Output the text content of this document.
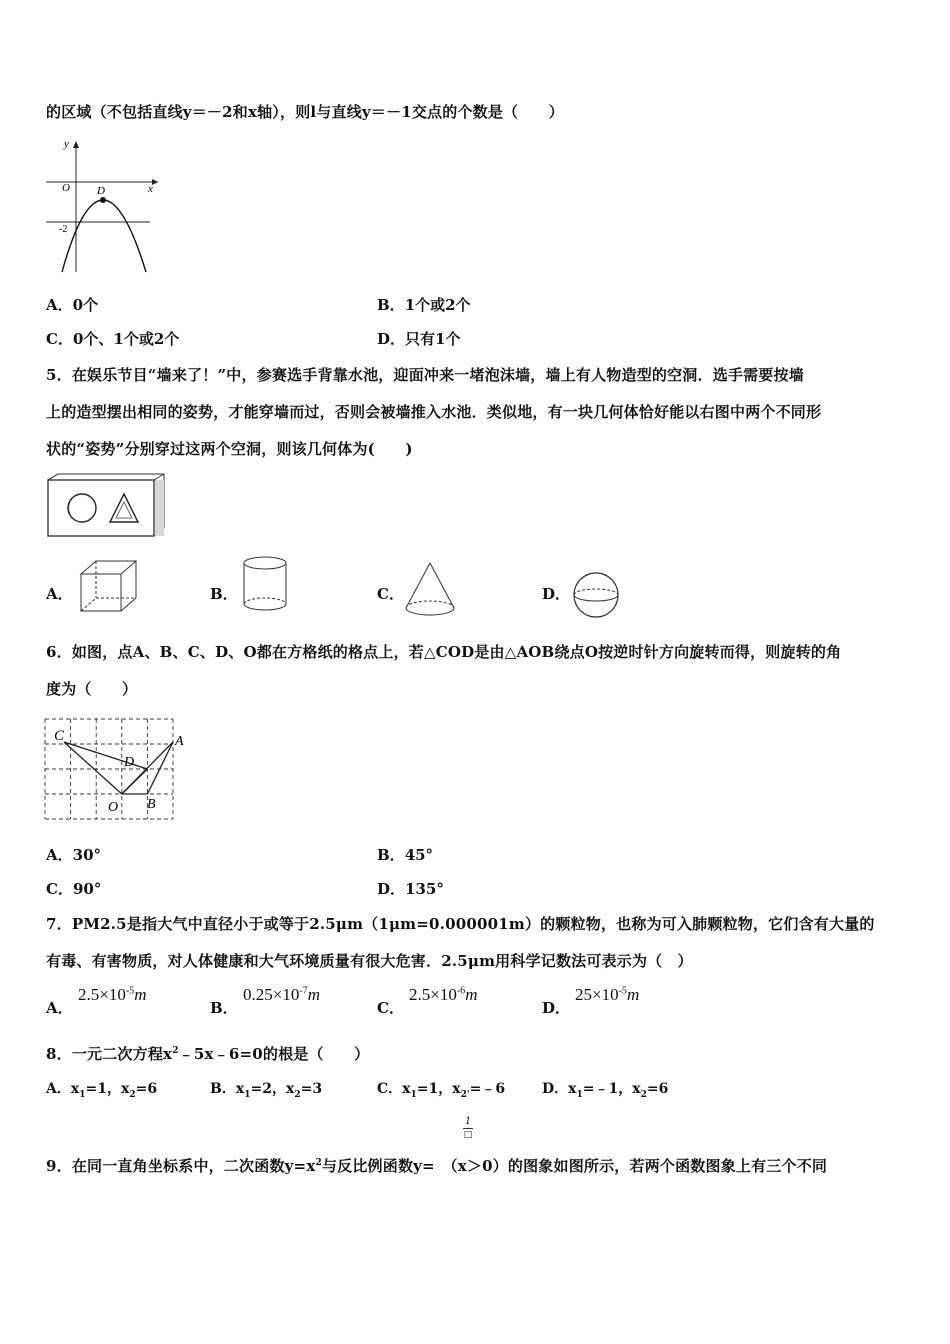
的区域（不包括直线y＝－2和x轴），则l与直线y＝－1交点的个数是（　　）
y
x
O D
-2
A．0个	B．1个或2个
C．0个、1个或2个	D．只有1个
5．在娱乐节目“墙来了！”中，参赛选手背靠水池，迎面冲来一堵泡沫墙，墙上有人物造型的空洞．选手需要按墙
上的造型摆出相同的姿势，才能穿墙而过，否则会被墙推入水池．类似地，有一块几何体恰好能以右图中两个不同形
状的“姿势”分别穿过这两个空洞，则该几何体为(　　)
A．	B．	C．	D．
6．如图，点A、B、C、D、O都在方格纸的格点上，若△COD是由△AOB绕点O按逆时针方向旋转而得，则旋转的角
度为（　　）
C	A
D
O B
A．30°	B．45°
C．90°	D．135°
7．PM2.5是指大气中直径小于或等于2.5μm（1μm=0.000001m）的颗粒物，也称为可入肺颗粒物，它们含有大量的
有毒、有害物质，对人体健康和大气环境质量有很大危害．2.5μm用科学记数法可表示为（　）
A．
$2.5\times 10^{-5}m$
B．
$0.25\times 10^{-7}m$
C．
$2.5\times 10^{-6}m$
D．
$25\times 10^{-5}m$
8．一元二次方程$x^2﹣5x﹣6=0$的根是（　　）
A．$x_1=1$，$x_2=6$	B．$x_1=2$，$x_2=3$	C．$x_1=1$，$x_{2'}=﹣6$	D．$x_1=﹣1$，$x_2=6$
1
□
9．在同一直角坐标系中，二次函数$y=x^2$与反比例函数y=　（x＞0）的图象如图所示，若两个函数图象上有三个不同
